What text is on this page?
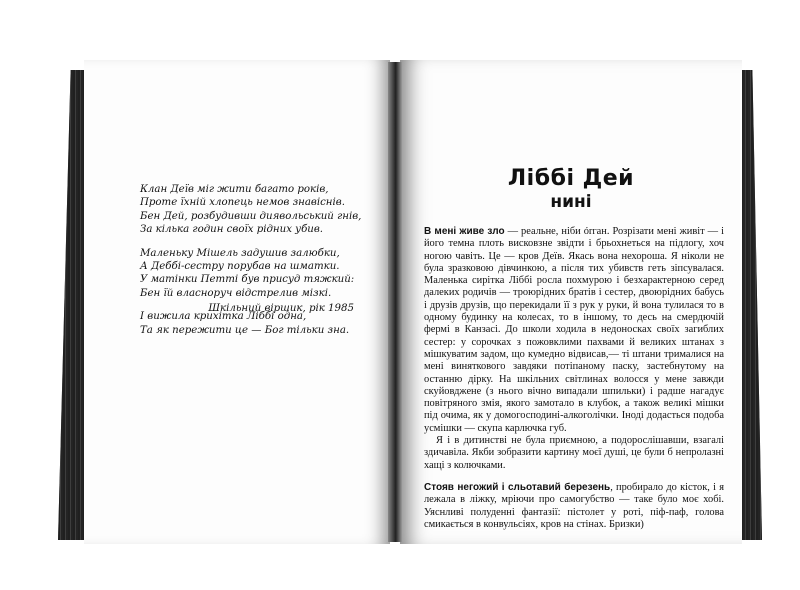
Клан Деїв міг жити багато років,
Проте їхній хлопець немов знавіснів.
Бен Дей, розбудивши диявольський гнів,
За кілька годин своїх рідних убив.
Маленьку Мішель задушив залюбки,
А Деббі-сестру порубав на шматки.
У матінки Петті був присуд тяжкий:
Бен їй власноруч відстрелив мізкі.
І вижила крихітка Ліббі одна,
Та як пережити це — Бог тільки зна.
Шкільний віршик, рік 1985
Ліббі Дей
нині

В мені живе зло — реальне, ніби órган. Розрізати мені живіт — і його темна плоть висковзне звідти і брьохнеться на підлогу, хоч ногою чавіть. Це — кров Деїв. Якась вона нехороша. Я ніколи не була зразковою дівчинкою, а після тих убивств геть зіпсувалася. Маленька сирітка Ліббі росла похмурою і безхарактерною серед далеких родичів — троюрідних братів і сестер, двоюрідних бабусь і друзів друзів, що перекидали її з рук у руки, й вона тулилася то в одному будинку на колесах, то в іншому, то десь на смердючій фермі в Канзасі. До школи ходила в недоносках своїх загиблих сестер: у сорочках з пожовклими пахвами й великих штанах з мішкуватим задом, що кумедно відвисав,— ті штани трималися на мені виняткового завдяки потіпаному паску, застебнутому на останню дірку. На шкільних світлинах волосся у мене завжди скуйовджене (з нього вічно випадали шпильки) і радше нагадує повітряного змія, якого замотало в клубок, а також великі мішки під очима, як у домогосподині-алкоголічки. Іноді додасться подоба усмішки — скупа карлючка губ.

Я і в дитинстві не була приємною, а подорослішавши, взагалі здичавіла. Якби зобразити картину моєї душі, це були б непролазні хащі з колючками.

Стояв негожий і сльотавий березень, пробирало до кісток, і я лежала в ліжку, мріючи про самогубство — таке було моє хобі. Уяснливі полуденні фантазії: пістолет у роті, піф-паф, голова смикається в конвульсіях, кров на стінах. Бризки)
